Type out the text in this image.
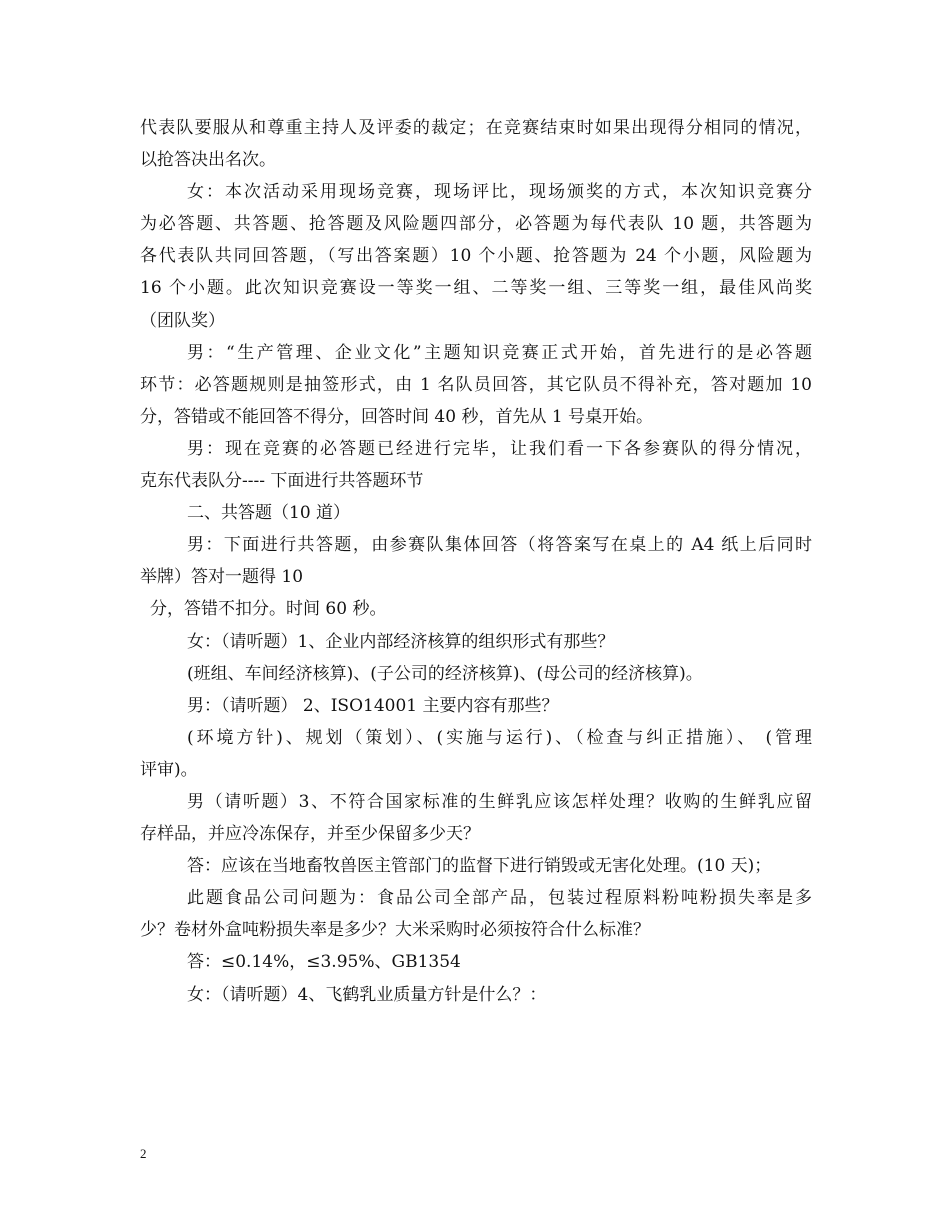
代表队要服从和尊重主持人及评委的裁定；在竞赛结束时如果出现得分相同的情况，
以抢答决出名次。
女：本次活动采用现场竞赛，现场评比，现场颁奖的方式，本次知识竞赛分
为必答题、共答题、抢答题及风险题四部分，必答题为每代表队 10 题，共答题为
各代表队共同回答题，（写出答案题）10 个小题、抢答题为 24 个小题，风险题为
16 个小题。此次知识竞赛设一等奖一组、二等奖一组、三等奖一组，最佳风尚奖
（团队奖）
男：“生产管理、企业文化”主题知识竞赛正式开始，首先进行的是必答题
环节：必答题规则是抽签形式，由 1 名队员回答，其它队员不得补充，答对题加 10
分，答错或不能回答不得分，回答时间 40 秒，首先从 1 号桌开始。
男：现在竞赛的必答题已经进行完毕，让我们看一下各参赛队的得分情况，
克东代表队分---- 下面进行共答题环节
二、共答题（10 道）
男：下面进行共答题，由参赛队集体回答（将答案写在桌上的 A4 纸上后同时
举牌）答对一题得 10
分，答错不扣分。时间 60 秒。
女：（请听题）1、企业内部经济核算的组织形式有那些？
(班组、车间经济核算)、(子公司的经济核算)、(母公司的经济核算)。
男：（请听题） 2、ISO14001 主要内容有那些？
(环境方针)、规划（策划）、(实施与运行)、（检查与纠正措施）、 (管理
评审)。
男（请听题）3、不符合国家标准的生鲜乳应该怎样处理？收购的生鲜乳应留
存样品，并应冷冻保存，并至少保留多少天？
答：应该在当地畜牧兽医主管部门的监督下进行销毁或无害化处理。(10 天)；
此题食品公司问题为：食品公司全部产品，包装过程原料粉吨粉损失率是多
少？卷材外盒吨粉损失率是多少？大米采购时必须按符合什么标准？
答：≤0.14%，≤3.95%、GB1354
女：（请听题）4、飞鹤乳业质量方针是什么？：
2
